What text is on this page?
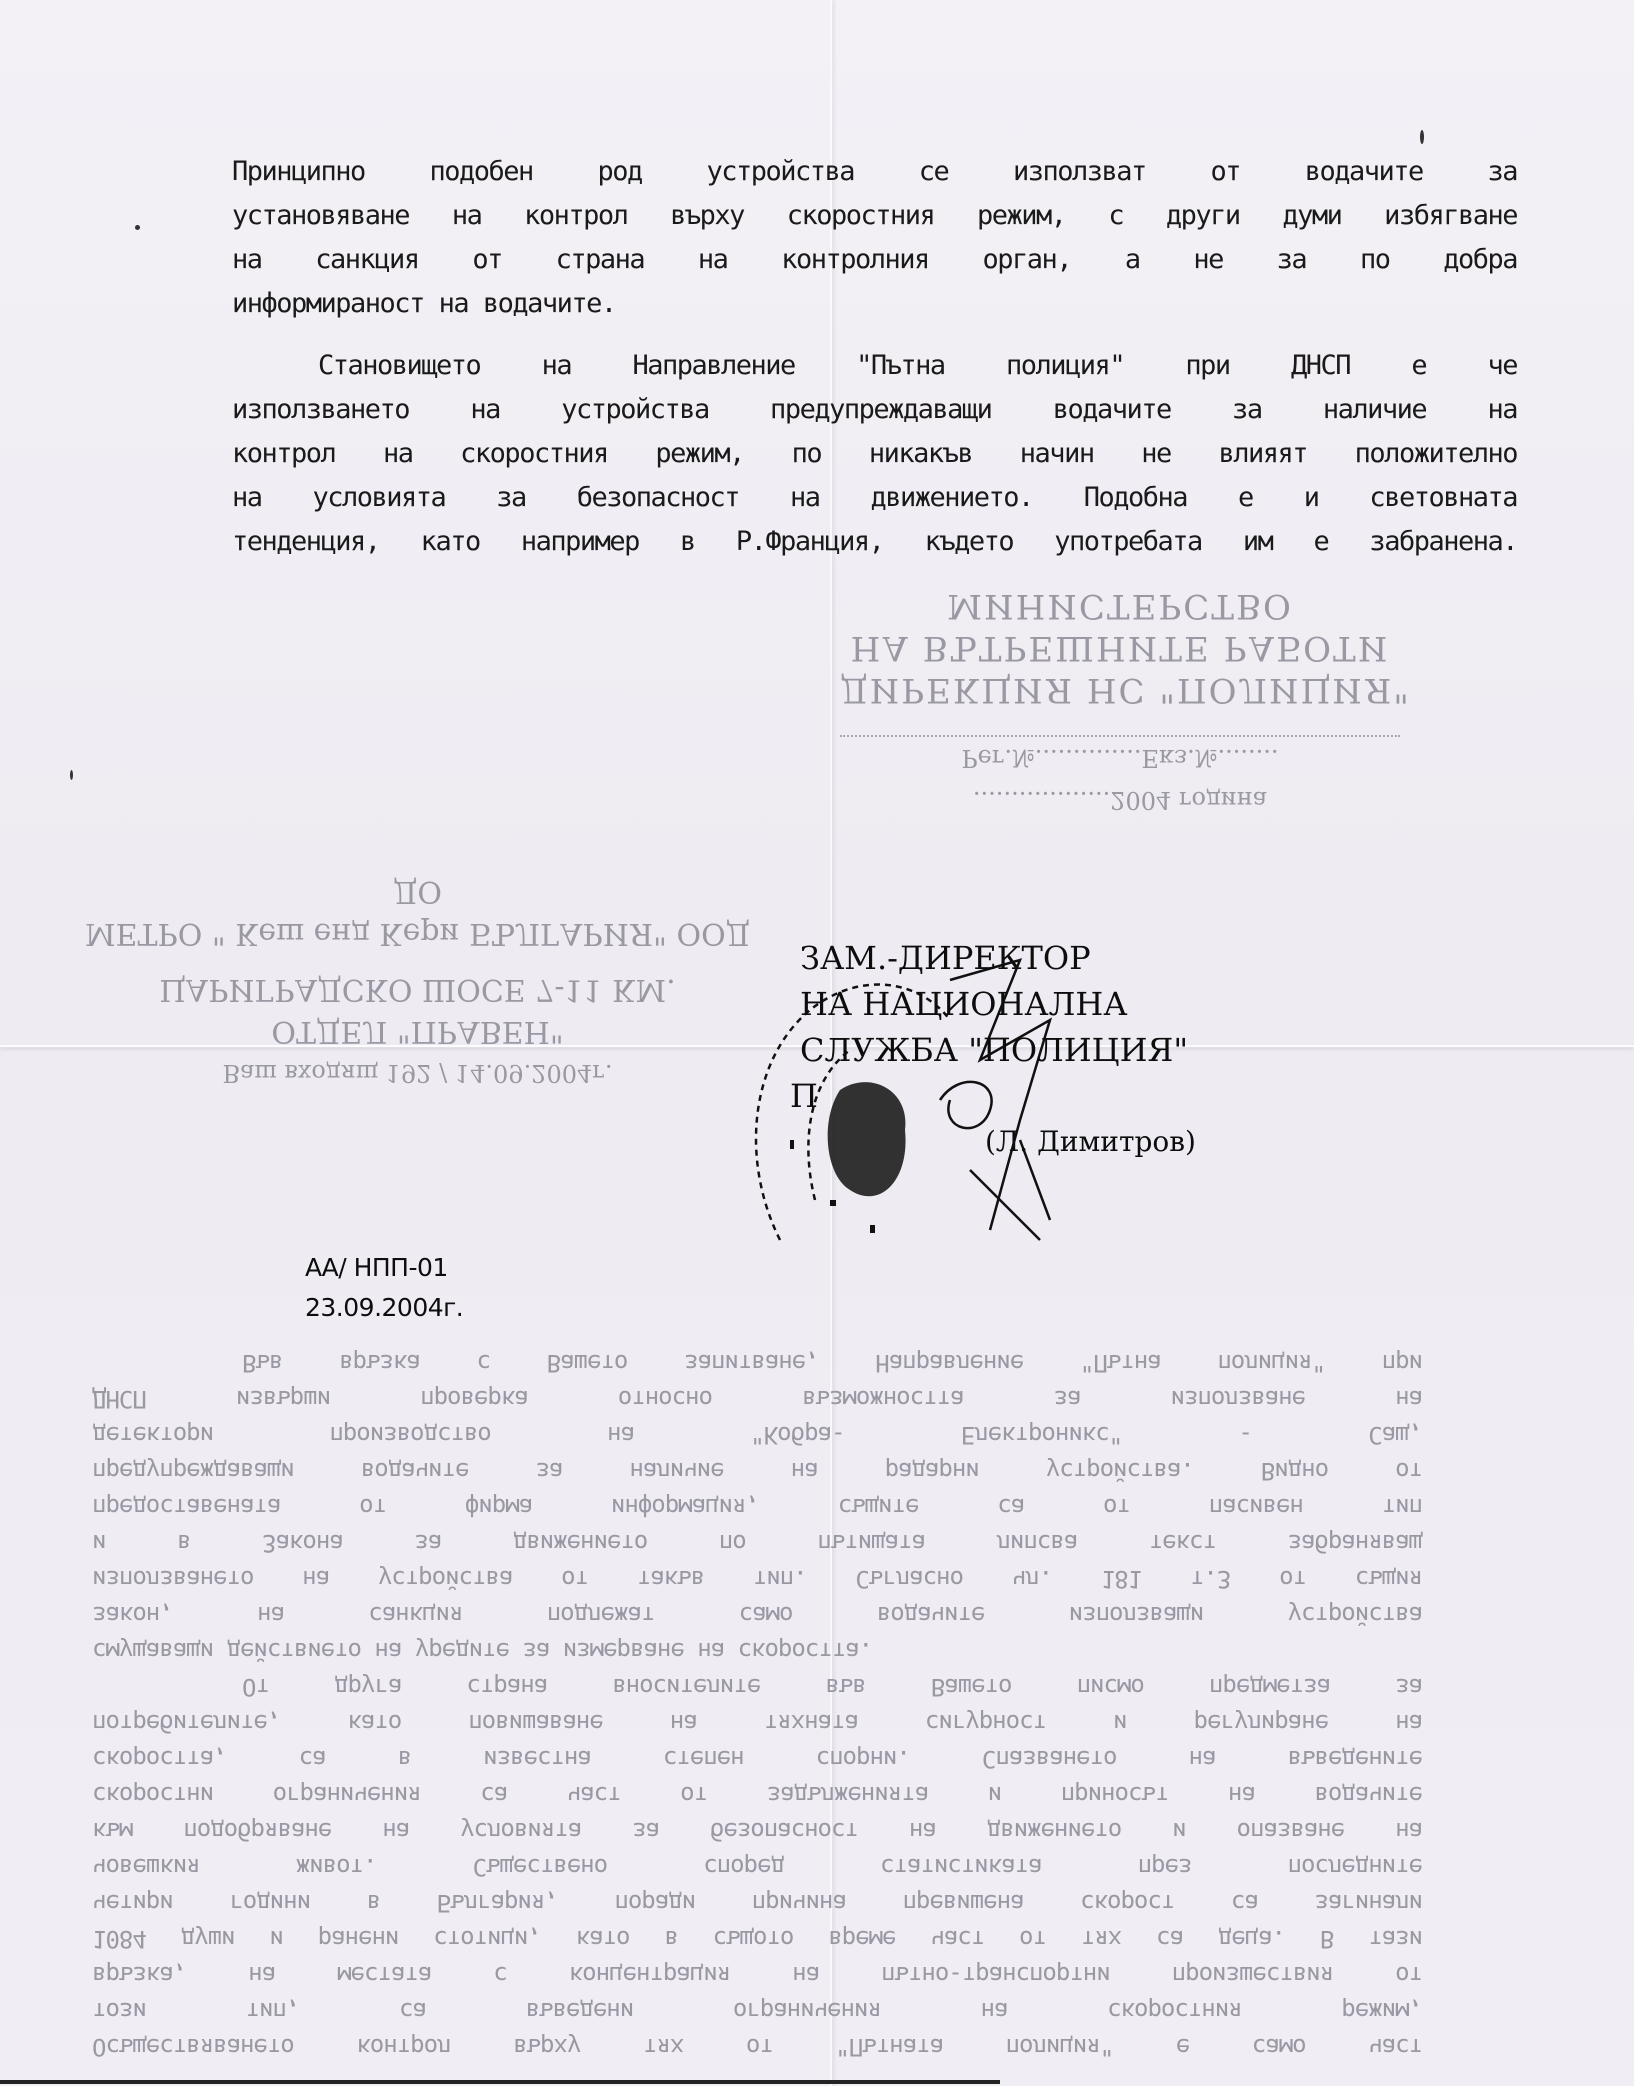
МИНИСТЕРСТВО
НА ВЪТРЕШНИТЕ РАБОТИ
ДИРЕКЦИЯ НС "ПОЛИЦИЯ"
Рег.№..............Екз.№........
..................2004 година
ДО
МЕТРО " Кеш енд Кери БЪЛГАРИЯ" ООД
ЦАРИГРАДСКО ШОСЕ 7-11 КМ.
ОТДЕЛ "ПРАВЕН"
Ваш входящ 192 / 14.09.2004г.
Във връзка с Вашето запитване, Направление "Пътна полиция" при
ДНСП извърши проверка относно възможността за използване на
детектори производство на "Кобра- Електроникс" - Сащ,
предупреждаващи водачите за наличие на радарни устройства. Видно от
предоставената от фирма информация, същите са от пасивен тип
и в Закона за движението по пътищата липсва текст забраняващ
използването на устройства от такъв тип. Съгласно чл. 181 т.3 от същия
закон, на санкция подлежат само водачите използващи устройства
смущаващи действието на уредите за измерване на скоростта.
От друга страна вносителите във Вашето писмо предметза за
потребителите, като повишаване на тяхната сигурност и регулиране на
скоростта, са в известна степен спорни. Спазването на въведените
скоростни ограничения са част от задълженията и приносът на водачите
към подобряване на условията за безопасност на движението и опазване на
човешкия живот. Съществено според статистиката през последните
четири години в България, поради причина превишена скорост са загинали
1084 души и ранени стотици, като в същото време част от тях са деца. В тази
връзка, на местата с концентрация на пътно-транспортни произшествия от
този тип, са въведени ограничения на скоростния режим,
Осъществяването контрол върху тях от "Пътната полиция" е само част
Принципно подобен род устройства се използват от водачите за
установяване на контрол върху скоростния режим, с други думи избягване
на санкция от страна на контролния орган, а не за по добра
информираност на водачите.
Становището на Направление "Пътна полиция" при ДНСП е че
използването на устройства предупреждаващи водачите за наличие на
контрол на скоростния режим, по никакъв начин не влияят положително
на условията за безопасност на движението. Подобна е и световната
тенденция, като например в Р.Франция, където употребата им е забранена.
ЗАМ.-ДИРЕКТОР
НА НАЦИОНАЛНА
СЛУЖБА "ПОЛИЦИЯ"
П
(Л. Димитров)
АА/ НПП-01
23.09.2004г.
